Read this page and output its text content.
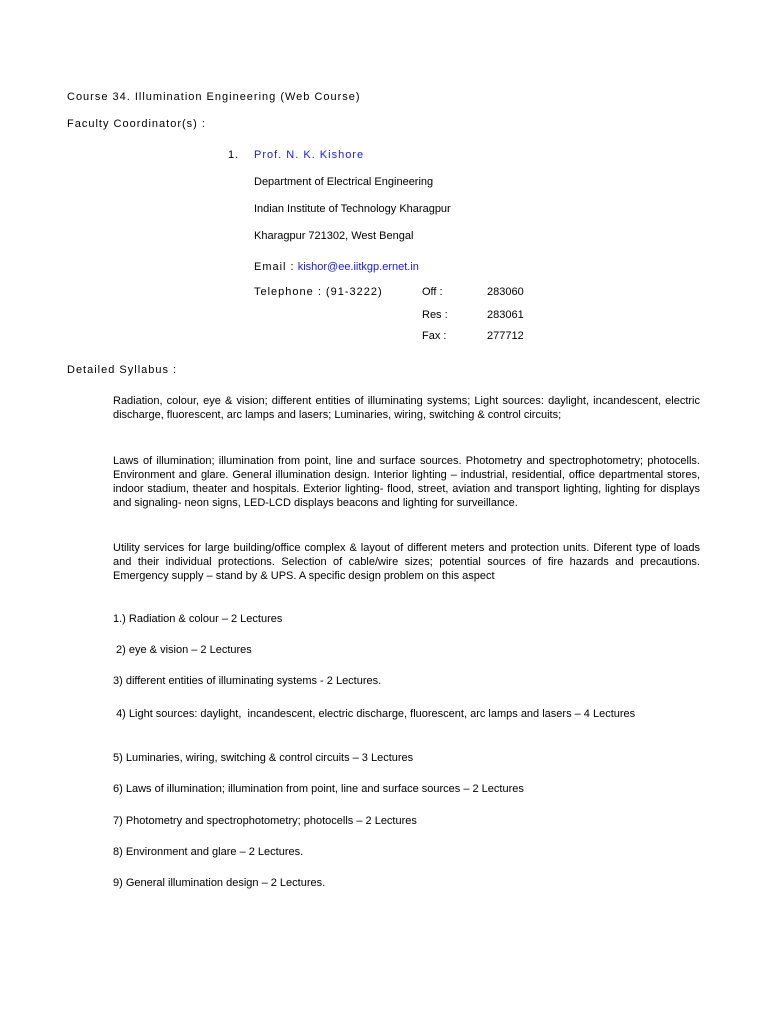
Course 34. Illumination Engineering (Web Course)
Faculty Coordinator(s) :
1. Prof. N. K. Kishore
Department of Electrical Engineering
Indian Institute of Technology Kharagpur
Kharagpur 721302, West Bengal
Email : kishor@ee.iitkgp.ernet.in
Telephone : (91-3222)	Off :	283060
Res :	283061
Fax :	277712
Detailed Syllabus :
Radiation, colour, eye & vision; different entities of illuminating systems; Light sources: daylight, incandescent, electric discharge, fluorescent, arc lamps and lasers; Luminaries, wiring, switching & control circuits;
Laws of illumination; illumination from point, line and surface sources. Photometry and spectrophotometry; photocells. Environment and glare. General illumination design. Interior lighting – industrial, residential, office departmental stores, indoor stadium, theater and hospitals. Exterior lighting- flood, street, aviation and transport lighting, lighting for displays and signaling- neon signs, LED-LCD displays beacons and lighting for surveillance.
Utility services for large building/office complex & layout of different meters and protection units. Diferent type of loads and their individual protections. Selection of cable/wire sizes; potential sources of fire hazards and precautions. Emergency supply – stand by & UPS. A specific design problem on this aspect
1.) Radiation & colour – 2 Lectures
2) eye & vision – 2 Lectures
3) different entities of illuminating systems - 2 Lectures.
4) Light sources: daylight,  incandescent, electric discharge, fluorescent, arc lamps and lasers – 4 Lectures
5) Luminaries, wiring, switching & control circuits – 3 Lectures
6) Laws of illumination; illumination from point, line and surface sources – 2 Lectures
7) Photometry and spectrophotometry; photocells – 2 Lectures
8) Environment and glare – 2 Lectures.
9) General illumination design – 2 Lectures.
